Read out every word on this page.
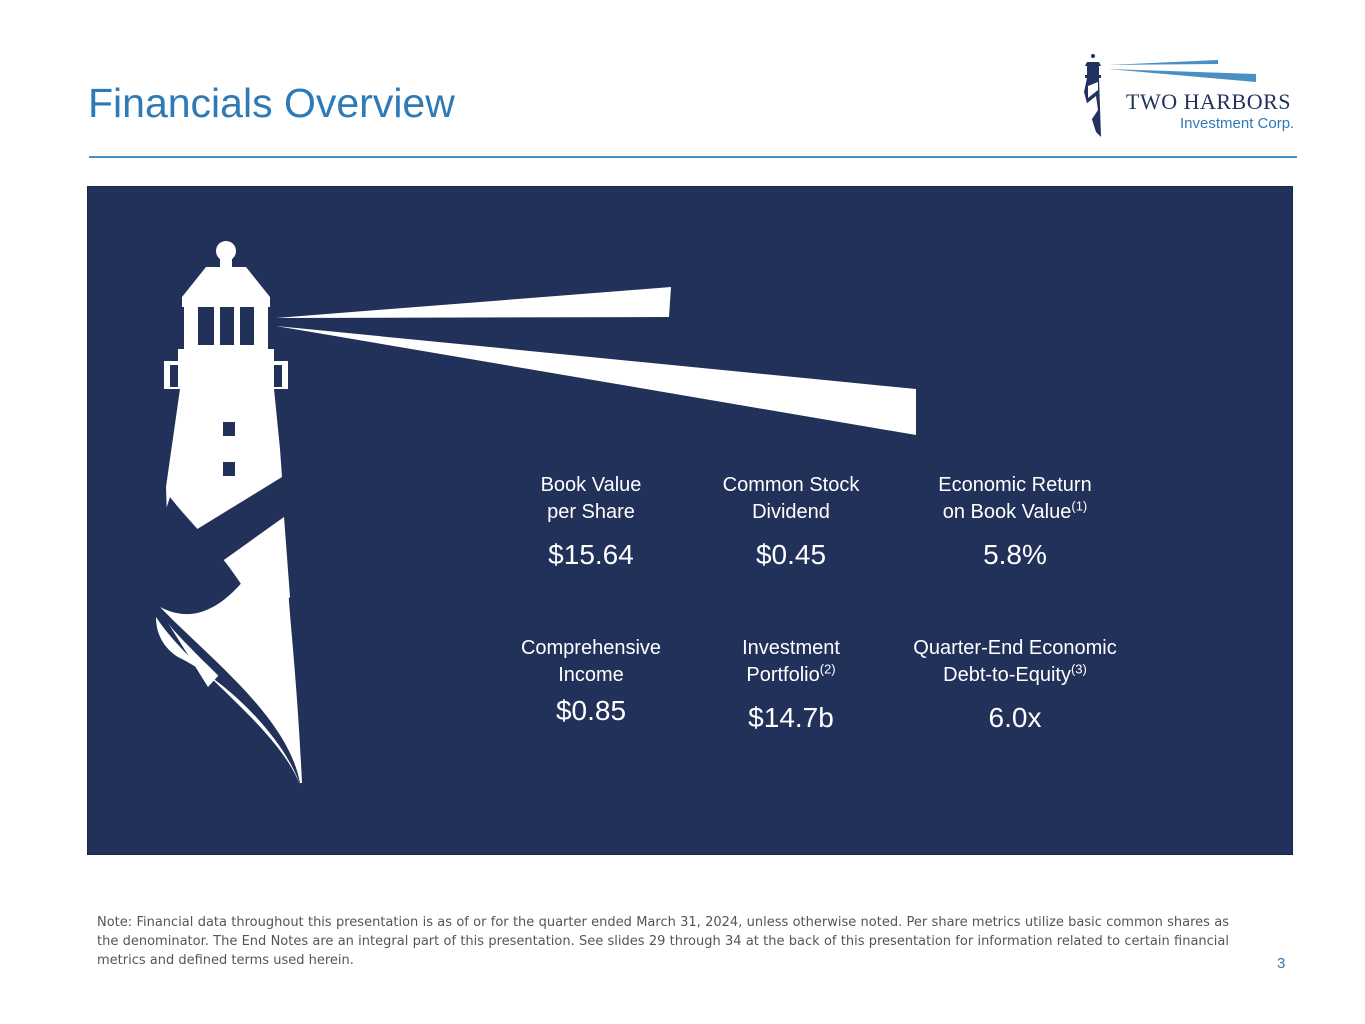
Financials Overview	TWO HARBORS
Investment Corp.
Book Value
per Share
$15.64
Common Stock
Dividend
$0.45
Economic Return
on Book Value$^{(1)}$
5.8%
Comprehensive
Income
$0.85
Investment
Portfolio$^{(2)}$
$14.7b
Quarter-End Economic
Debt-to-Equity$^{(3)}$
6.0x
Note: Financial data throughout this presentation is as of or for the quarter ended March 31, 2024, unless otherwise noted. Per share metrics utilize basic common shares as the denominator. The End Notes are an integral part of this presentation. See slides 29 through 34 at the back of this presentation for information related to certain financial metrics and defined terms used herein.	3
